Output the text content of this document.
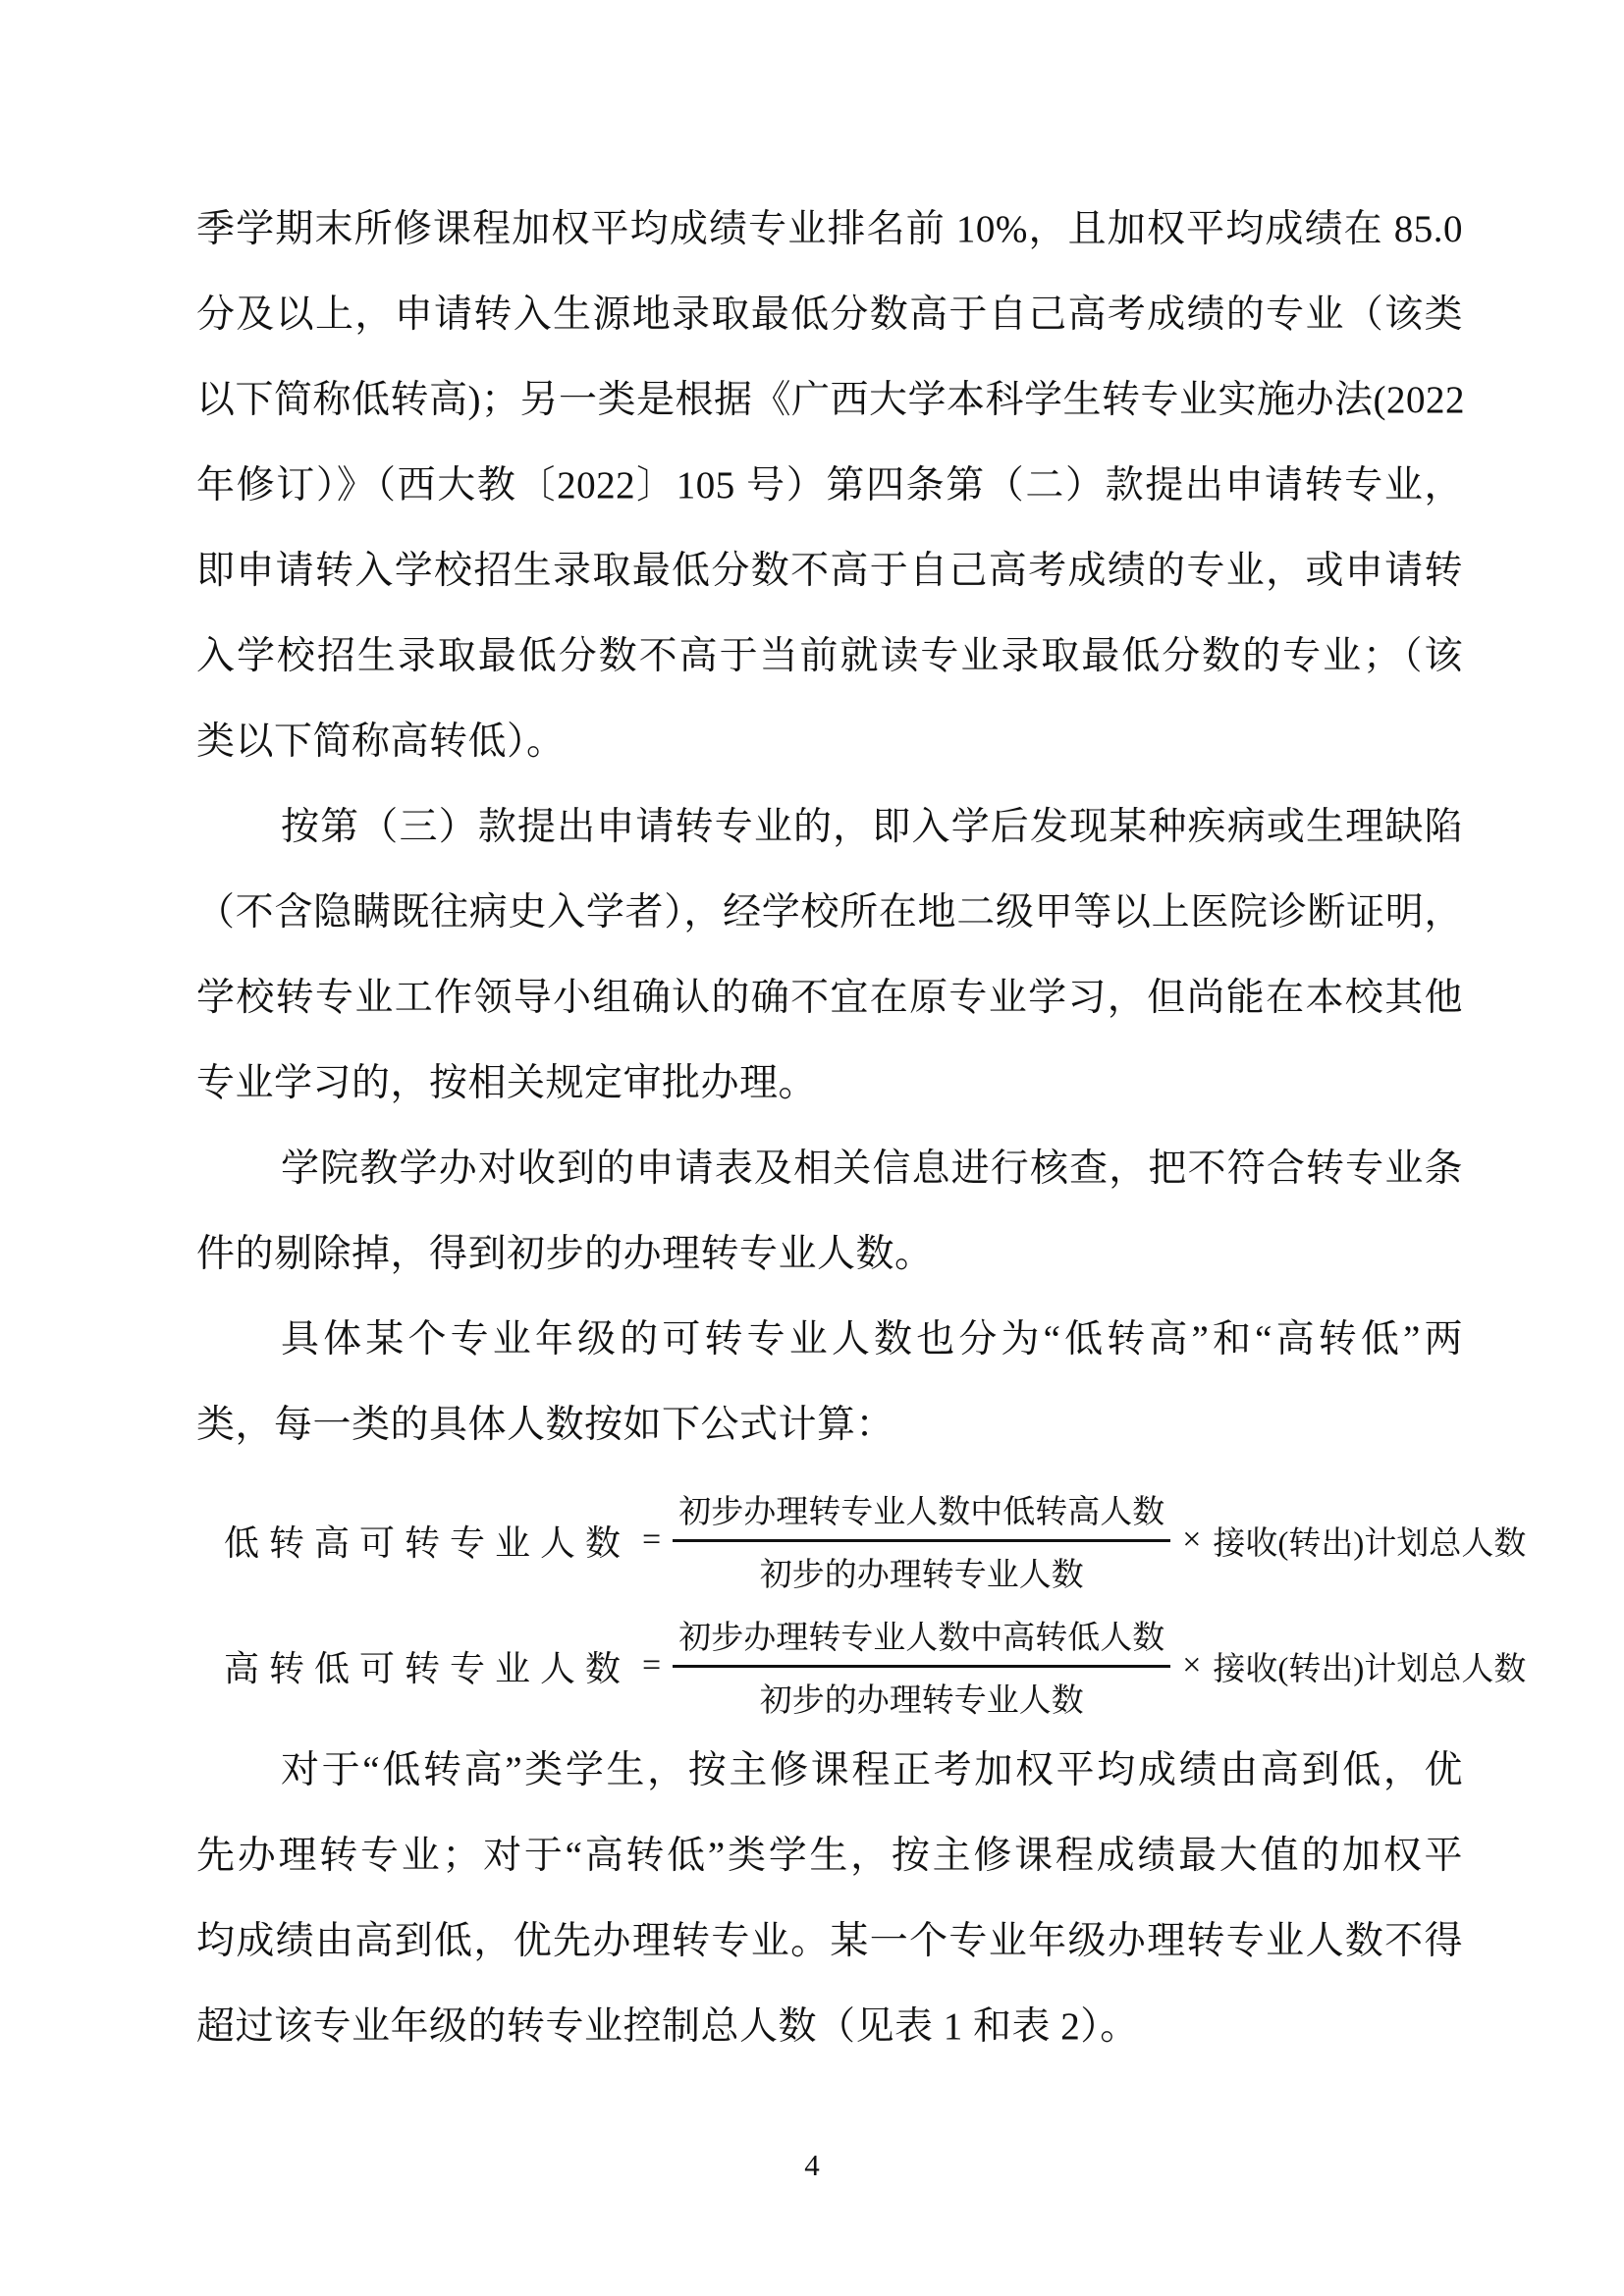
季学期末所修课程加权平均成绩专业排名前 10%，且加权平均成绩在 85.0
分及以上，申请转入生源地录取最低分数高于自己高考成绩的专业（该类
以下简称低转高)；另一类是根据《广西大学本科学生转专业实施办法(2022
年修订）》（西大教〔2022〕105 号）第四条第（二）款提出申请转专业，
即申请转入学校招生录取最低分数不高于自己高考成绩的专业，或申请转
入学校招生录取最低分数不高于当前就读专业录取最低分数的专业；（该
类以下简称高转低）。
按第（三）款提出申请转专业的，即入学后发现某种疾病或生理缺陷
（不含隐瞒既往病史入学者），经学校所在地二级甲等以上医院诊断证明，
学校转专业工作领导小组确认的确不宜在原专业学习，但尚能在本校其他
专业学习的，按相关规定审批办理。
学院教学办对收到的申请表及相关信息进行核查，把不符合转专业条
件的剔除掉，得到初步的办理转专业人数。
具体某个专业年级的可转专业人数也分为“低转高”和“高转低”两
类，每一类的具体人数按如下公式计算：
低转高可转专业人数 = $\frac{\text{初步办理转专业人数中低转高人数}}{\text{初步的办理转专业人数}}$ × 接收(转出)计划总人数
高转低可转专业人数 = $\frac{\text{初步办理转专业人数中高转低人数}}{\text{初步的办理转专业人数}}$ × 接收(转出)计划总人数
对于“低转高”类学生，按主修课程正考加权平均成绩由高到低，优
先办理转专业；对于“高转低”类学生，按主修课程成绩最大值的加权平
均成绩由高到低，优先办理转专业。某一个专业年级办理转专业人数不得
超过该专业年级的转专业控制总人数（见表 1 和表 2）。
4
